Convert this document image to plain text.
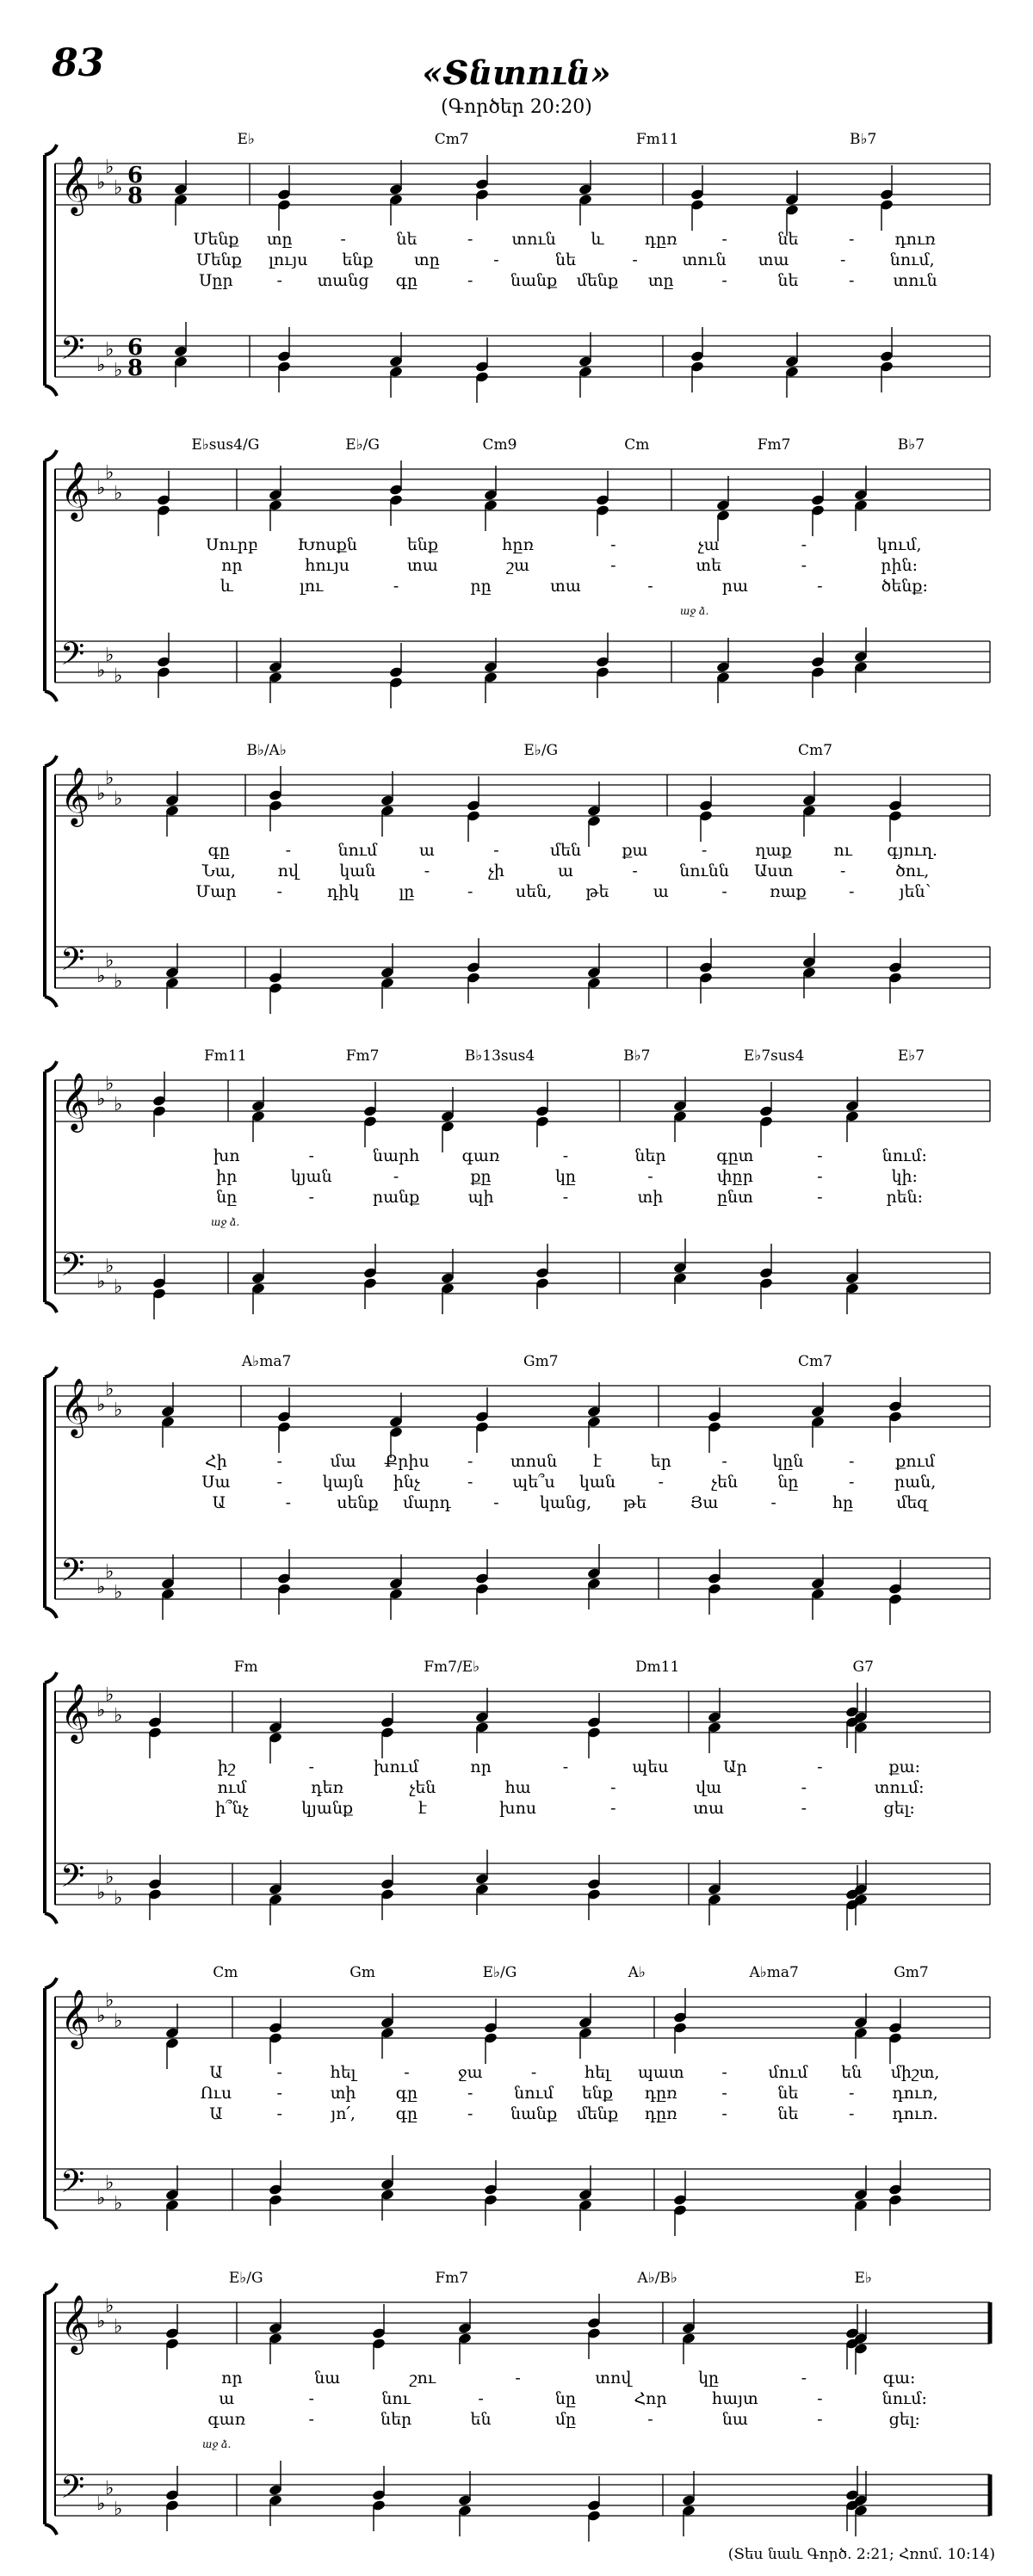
83	«Տնտուն»
(Գործեր 20:20)
𝄞
𝄢
♭
♭
♭
♭
♭
♭
6
8
6
8
E♭	Cm7	Fm11	B♭7
Մենք տը	-	նե	- տուն և դըռ	-	նե	- դուռ
Մենք լույս ենք	տը	-	նե	-	տուն տա	-	նում,
Սըր	- տանց գը	- նանք մենք տը	-	նե	- տուն
𝄞
𝄢
♭
♭
♭
♭
♭
♭
E♭sus4/G	E♭/G	Cm9	Cm	Fm7	B♭7
Սուրբ Խոսքն	ենք	հըռ	-	չա	-	կում,
որ	հույս	տա	շա	-	տե	-	րին:
և	լու	-	րը	տա	-	րա	-	ծենք:
աջ ձ.
𝄞
𝄢
♭
♭
♭
♭
♭
♭
B♭/A♭	E♭/G	Cm7
գը	-	նում	ա	-	մեն քա	-	ղաք	ու գյուղ.
Նա,	ով կան	-	չի	ա	-	նունն Աստ	-	ծու,
Մար -	դիկ լը	-	սեն, թե	ա	-	ռաք	-	յեն՝
𝄞
𝄢
♭
♭
♭
♭
♭
♭
Fm11	Fm7	B♭13sus4	B♭7	E♭7sus4	E♭7
խո	-	նարհ	գառ	-	ներ	գըտ	-	նում:
իր	կյան	-	քը	կը	-	փըր	-	կի:
նը	-	րանք	պի	-	տի	ընտ	-	րեն:
աջ ձ.
𝄞
𝄢
♭
♭
♭
♭
♭
♭
A♭ma7	Gm7	Cm7
Հի	-	մա Քրիս - տոսն է	եր	-	կըն	-	քում
Սա	- կայն ինչ	- պե՞ս կան	-	չեն նը	- րան,
Ա	-	սենք մարդ	- կանց, թե	Յա	-	հը	մեզ
𝄞
𝄢
♭
♭
♭
♭
♭
♭
Fm	Fm7/E♭	Dm11	G7
իշ	-	խում	որ	-	պես	Ար	-	քա:
ում	դեռ	չեն	հա	-	վա	-	տում:
ի՞նչ	կյանք	է	խոս	-	տա	-	ցել:
𝄞
𝄢
♭
♭
♭
♭
♭
♭
Cm	Gm	E♭/G	A♭	A♭ma7	Gm7
Ա	-	հել	-	ջա	-	հել պատ -	մում են միշտ,
Ուս	-	տի գը	-	նում ենք դըռ	-	նե	- դուռ,
Ա	-	յո՛, գը	- նանք մենք դըռ	-	նե	- դուռ.
𝄞
𝄢
♭
♭
♭
♭
♭
♭
E♭/G	Fm7	A♭/B♭	E♭
որ	նա	շու	-	տով	կը	-	գա:
ա	-	նու	-	նը	Հոր	հայտ	-	նում:
գառ	-	ներ	են	մը	-	նա	-	ցել:
աջ ձ.
(Տես նաև Գործ. 2:21; Հռոմ. 10:14)
